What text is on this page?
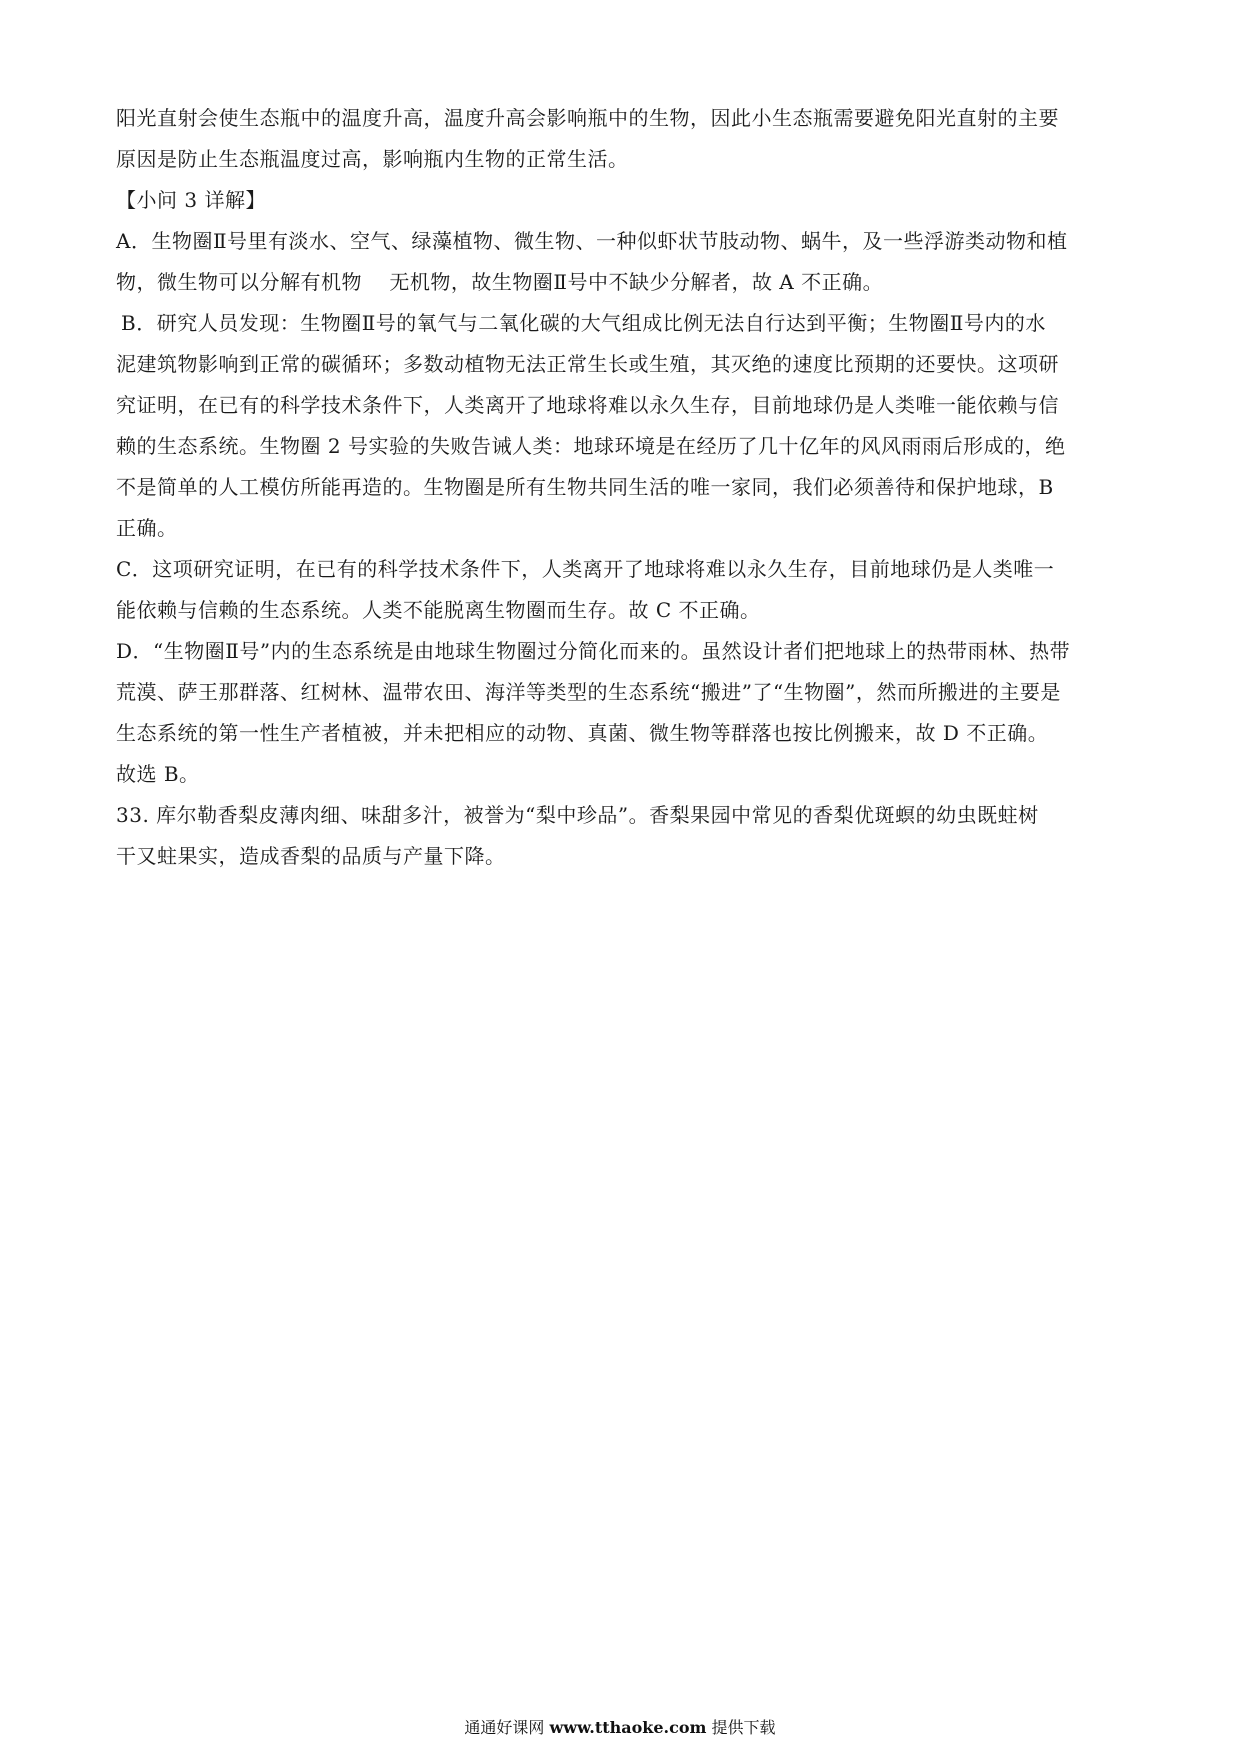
阳光直射会使生态瓶中的温度升高，温度升高会影响瓶中的生物，因此小生态瓶需要避免阳光直射的主要
原因是防止生态瓶温度过高，影响瓶内生物的正常生活。
【小问 3 详解】
A．生物圈Ⅱ号里有淡水、空气、绿藻植物、微生物、一种似虾状节肢动物、蜗牛，及一些浮游类动物和植
物，微生物可以分解有机物　 无机物，故生物圈Ⅱ号中不缺少分解者，故 A 不正确。
B．研究人员发现：生物圈Ⅱ号的氧气与二氧化碳的大气组成比例无法自行达到平衡；生物圈Ⅱ号内的水
泥建筑物影响到正常的碳循环；多数动植物无法正常生长或生殖，其灭绝的速度比预期的还要快。这项研
究证明，在已有的科学技术条件下，人类离开了地球将难以永久生存，目前地球仍是人类唯一能依赖与信
赖的生态系统。生物圈 2 号实验的失败告诫人类：地球环境是在经历了几十亿年的风风雨雨后形成的，绝
不是简单的人工模仿所能再造的。生物圈是所有生物共同生活的唯一家同，我们必须善待和保护地球，B
正确。
C．这项研究证明，在已有的科学技术条件下，人类离开了地球将难以永久生存，目前地球仍是人类唯一
能依赖与信赖的生态系统。人类不能脱离生物圈而生存。故 C 不正确。
D．“生物圈Ⅱ号”内的生态系统是由地球生物圈过分简化而来的。虽然设计者们把地球上的热带雨林、热带
荒漠、萨王那群落、红树林、温带农田、海洋等类型的生态系统“搬进”了“生物圈”，然而所搬进的主要是
生态系统的第一性生产者植被，并未把相应的动物、真菌、微生物等群落也按比例搬来，故 D 不正确。
故选 B。
33. 库尔勒香梨皮薄肉细、味甜多汁，被誉为“梨中珍品”。香梨果园中常见的香梨优斑螟的幼虫既蛀树
干又蛀果实，造成香梨的品质与产量下降。
通通好课网 www.tthaoke.com 提供下载
